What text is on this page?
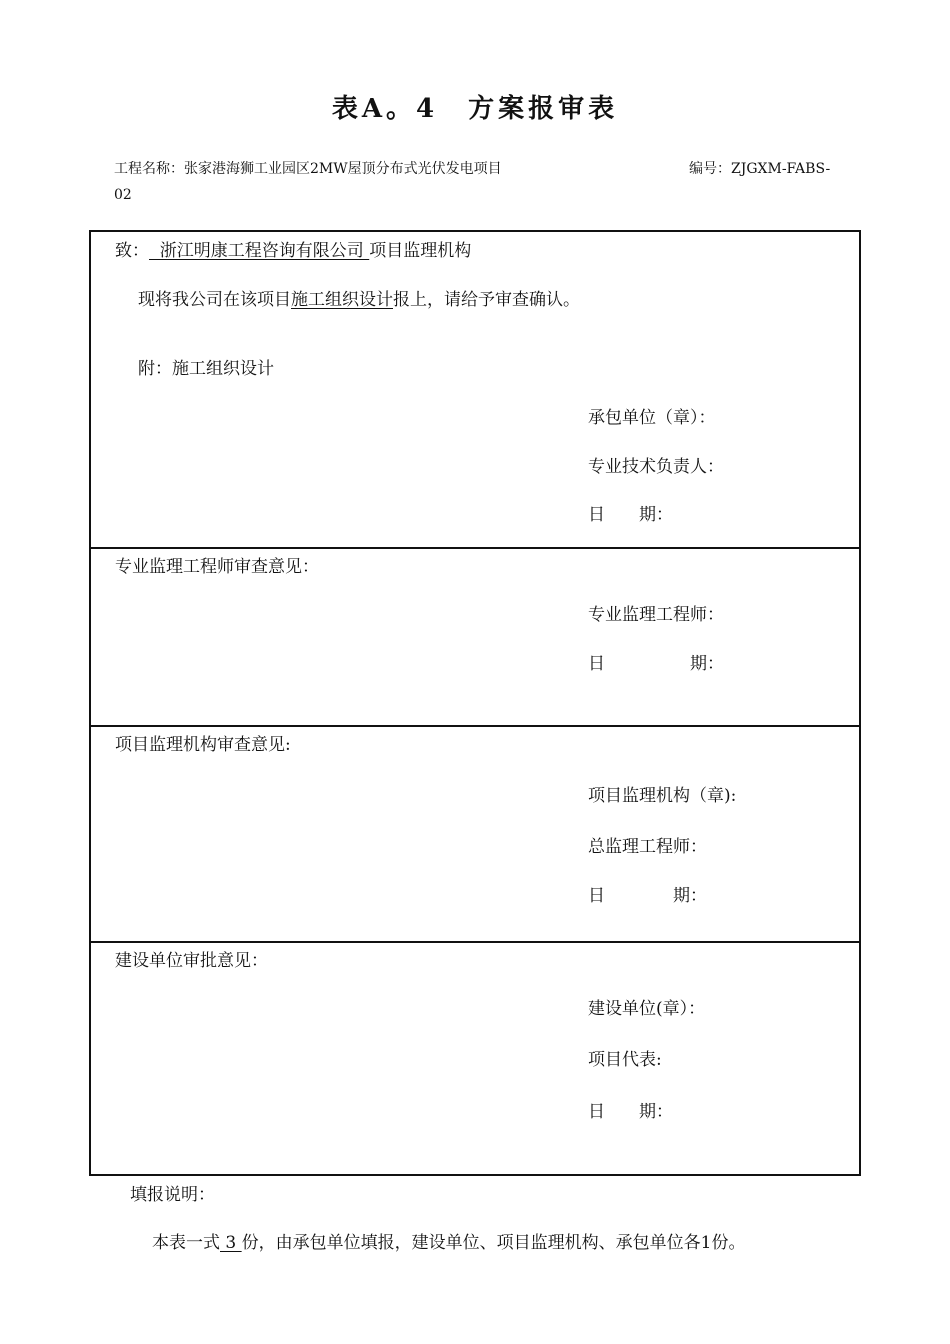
表A。4　方案报审表
工程名称：张家港海狮工业园区2MW屋顶分布式光伏发电项目	编号：ZJGXM-FABS-
02
致：  浙江明康工程咨询有限公司 项目监理机构
现将我公司在该项目施工组织设计报上，请给予审查确认。
附：施工组织设计
承包单位（章）：
专业技术负责人：
日　　期：
专业监理工程师审查意见：
专业监理工程师：
日　　　　　期：
项目监理机构审查意见:
项目监理机构（章):
总监理工程师：
日　　　　期：
建设单位审批意见：
建设单位(章）：
项目代表:
日　　期：
填报说明：
本表一式 3 份，由承包单位填报，建设单位、项目监理机构、承包单位各1份。
